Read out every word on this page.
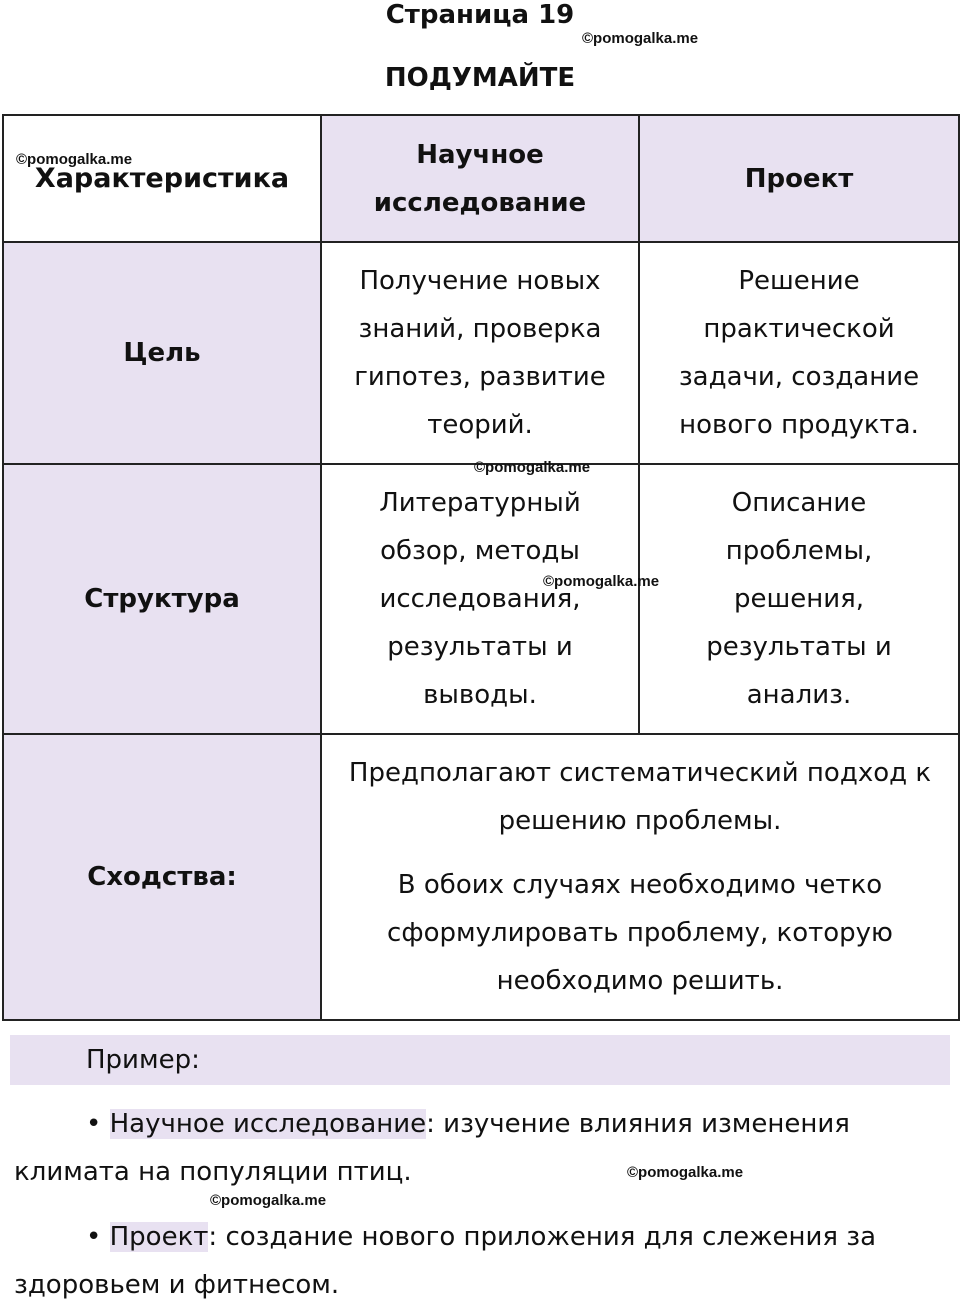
Страница 19
©pomogalka.me
ПОДУМАЙТЕ
©pomogalka.me
Характеристика	Научное исследование	Проект
Цель	Получение новых знаний, проверка гипотез, развитие теорий.	Решение практической задачи, создание нового продукта.
Структура	Литературный обзор, методы исследования, результаты и выводы.	Описание проблемы, решения, результаты и анализ.
Сходства:	Предполагают систематический подход к решению проблемы.

В обоих случаях необходимо четко сформулировать проблему, которую необходимо решить.	

©pomogalka.me
©pomogalka.me
Пример:
• Научное исследование: изучение влияния изменения климата на популяции птиц.	©pomogalka.me
©pomogalka.me
• Проект: создание нового приложения для слежения за здоровьем и фитнесом.
